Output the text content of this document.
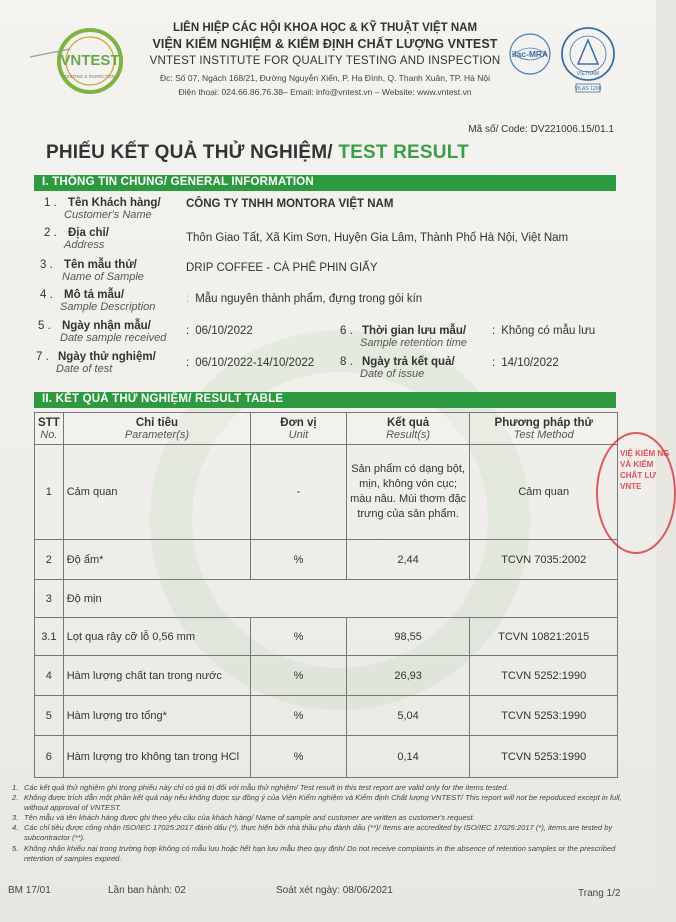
VNTEST
TESTING & INSPECTION
LIÊN HIỆP CÁC HỘI KHOA HỌC & KỸ THUẬT VIỆT NAM
VIỆN KIỂM NGHIỆM & KIỂM ĐỊNH CHẤT LƯỢNG VNTEST
VNTEST INSTITUTE FOR QUALITY TESTING AND INSPECTION
Đc: Số 07, Ngách 168/21, Đường Nguyễn Xiển, P. Hạ Đình, Q. Thanh Xuân, TP. Hà Nội
Điện thoại: 024.66.86.76.38– Email: info@vntest.vn – Website: www.vntest.vn
ilac-MRA
VILAS 1200
VIETNAM
Mã số/ Code: DV221006.15/01.1
PHIẾU KẾT QUẢ THỬ NGHIỆM/ TEST RESULT
I. THÔNG TIN CHUNG/ GENERAL INFORMATION
1 . Tên Khách hàng/
Customer's Name
CÔNG TY TNHH MONTORA VIỆT NAM
2 . Địa chỉ/
Address
Thôn Giao Tất, Xã Kim Sơn, Huyện Gia Lâm, Thành Phố Hà Nội, Việt Nam
3 . Tên mẫu thử/
Name of Sample
DRIP COFFEE - CÀ PHÊ PHIN GIẤY
4 . Mô tả mẫu/
Sample Description
: Mẫu nguyên thành phẩm, đựng trong gói kín
5 . Ngày nhận mẫu/
Date sample received
: 06/10/2022	6 . Thời gian lưu mẫu/
Sample retention time
: Không có mẫu lưu
7 . Ngày thử nghiệm/
Date of test	: 06/10/2022-14/10/2022 8 . Ngày trả kết quả/
Date of issue
: 14/10/2022
II. KẾT QUẢ THỬ NGHIỆM/ RESULT TABLE
STT
No.	Chỉ tiêu
Parameter(s)	Đơn vị
Unit	Kết quả
Result(s)	Phương pháp thử
Test Method

1	Cảm quan	-	Sản phẩm có dạng bột, mịn, không vón cục; màu nâu. Mùi thơm đặc trưng của sản phẩm.	Cảm quan
2	Độ ẩm*	%	2,44	TCVN 7035:2002
3	Độ mịn			
3.1	Lọt qua rây cỡ lỗ 0,56 mm	%	98,55	TCVN 10821:2015
4	Hàm lượng chất tan trong nước	%	26,93	TCVN 5252:1990
5	Hàm lượng tro tổng*	%	5,04	TCVN 5253:1990
6	Hàm lượng tro không tan trong HCl	%	0,14	TCVN 5253:1990
VIỆ KIỂM NG VÀ KIỂM CHẤT LƯ VNTE
1. Các kết quả thử nghiệm ghi trong phiếu này chỉ có giá trị đối với mẫu thử nghiệm/ Test result in this test report are valid only for the items tested.
2. Không được trích dẫn một phần kết quả này nếu không được sự đồng ý của Viện Kiểm nghiệm và Kiểm định Chất lượng VNTEST/ This report will not be repoduced except in full, without approval of VNTEST.
3. Tên mẫu và tên khách hàng được ghi theo yêu cầu của khách hàng/ Name of sample and customer are written as customer's request.
4. Các chỉ tiêu được công nhận ISO/IEC 17025:2017 đánh dấu (*), thực hiện bởi nhà thầu phụ đánh dấu (**)/ Items are accredited by ISO/IEC 17025:2017 (*), items are tested by subcontractor (**).
5. Không nhận khiếu nại trong trường hợp không có mẫu lưu hoặc hết hạn lưu mẫu theo quy định/ Do not receive complaints in the absence of retention samples or the prescribed retention of samples expired.
BM 17/01	Lần ban hành: 02	Soát xét ngày: 08/06/2021	Trang 1/2
